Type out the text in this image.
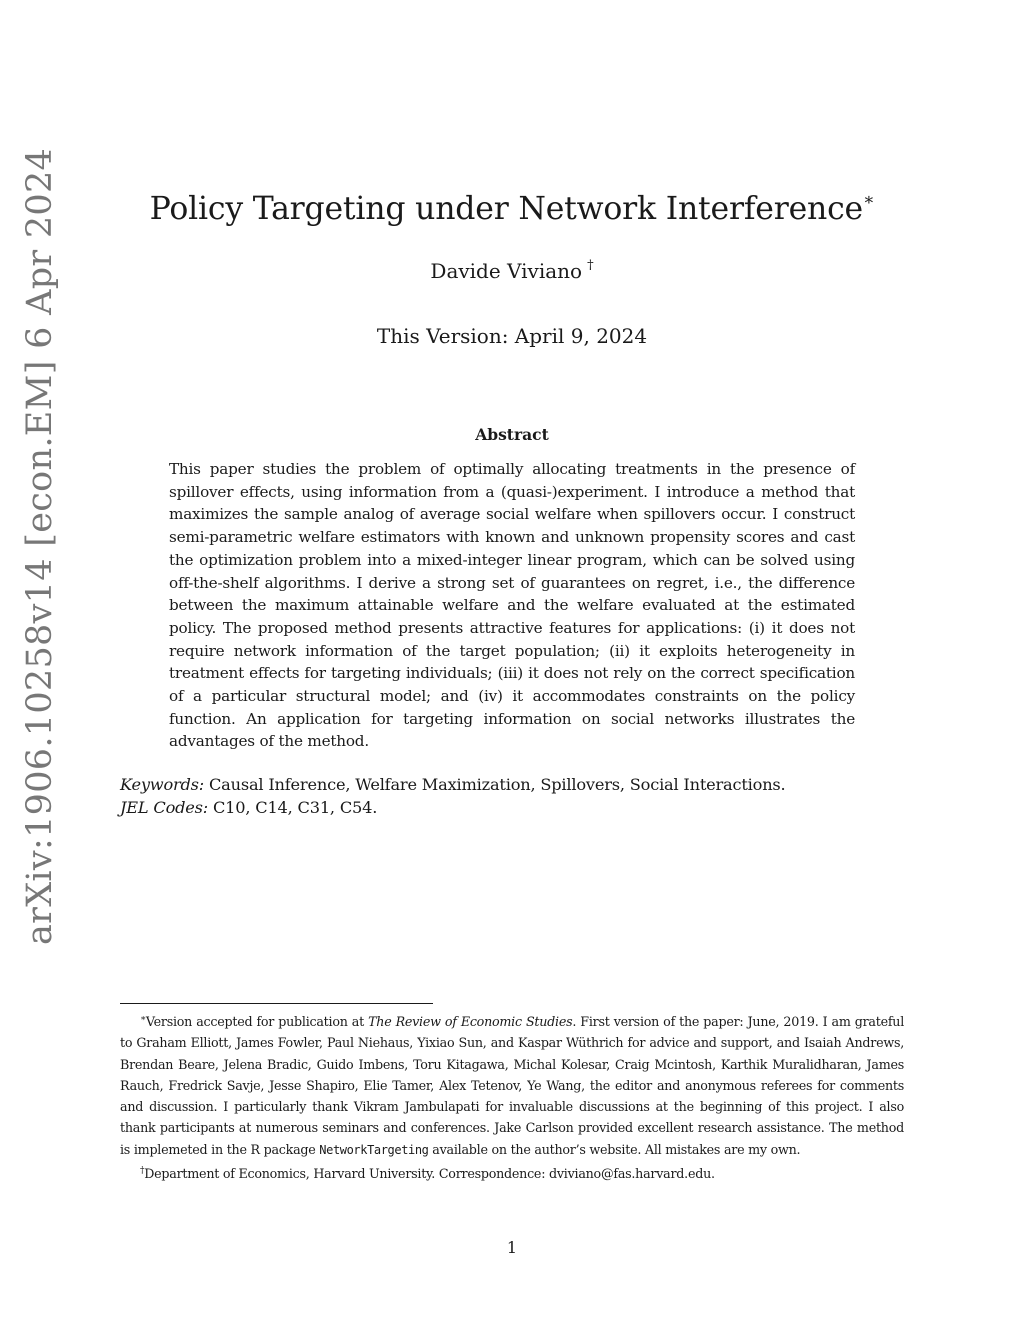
arXiv:1906.10258v14 [econ.EM] 6 Apr 2024	Policy Targeting under Network Interference∗
Davide Viviano †
This Version: April 9, 2024
Abstract
This paper studies the problem of optimally allocating treatments in the presence of spillover effects, using information from a (quasi-)experiment. I introduce a method that maximizes the sample analog of average social welfare when spillovers occur. I construct semi-parametric welfare estimators with known and unknown propensity scores and cast the optimization problem into a mixed-integer linear program, which can be solved using off-the-shelf algorithms. I derive a strong set of guarantees on regret, i.e., the difference between the maximum attainable welfare and the welfare evaluated at the estimated policy. The proposed method presents attractive features for applications: (i) it does not require network information of the target population; (ii) it exploits heterogeneity in treatment effects for targeting individuals; (iii) it does not rely on the correct specification of a particular structural model; and (iv) it accommodates constraints on the policy function. An application for targeting information on social networks illustrates the advantages of the method.
Keywords: Causal Inference, Welfare Maximization, Spillovers, Social Interactions.
JEL Codes: C10, C14, C31, C54.

∗Version accepted for publication at The Review of Economic Studies. First version of the paper: June, 2019. I am grateful to Graham Elliott, James Fowler, Paul Niehaus, Yixiao Sun, and Kaspar Wüthrich for advice and support, and Isaiah Andrews, Brendan Beare, Jelena Bradic, Guido Imbens, Toru Kitagawa, Michal Kolesar, Craig Mcintosh, Karthik Muralidharan, James Rauch, Fredrick Savje, Jesse Shapiro, Elie Tamer, Alex Tetenov, Ye Wang, the editor and anonymous referees for comments and discussion. I particularly thank Vikram Jambulapati for invaluable discussions at the beginning of this project. I also thank participants at numerous seminars and conferences. Jake Carlson provided excellent research assistance. The method is implemeted in the R package NetworkTargeting available on the author’s website. All mistakes are my own.

†Department of Economics, Harvard University. Correspondence: dviviano@fas.harvard.edu.

1
